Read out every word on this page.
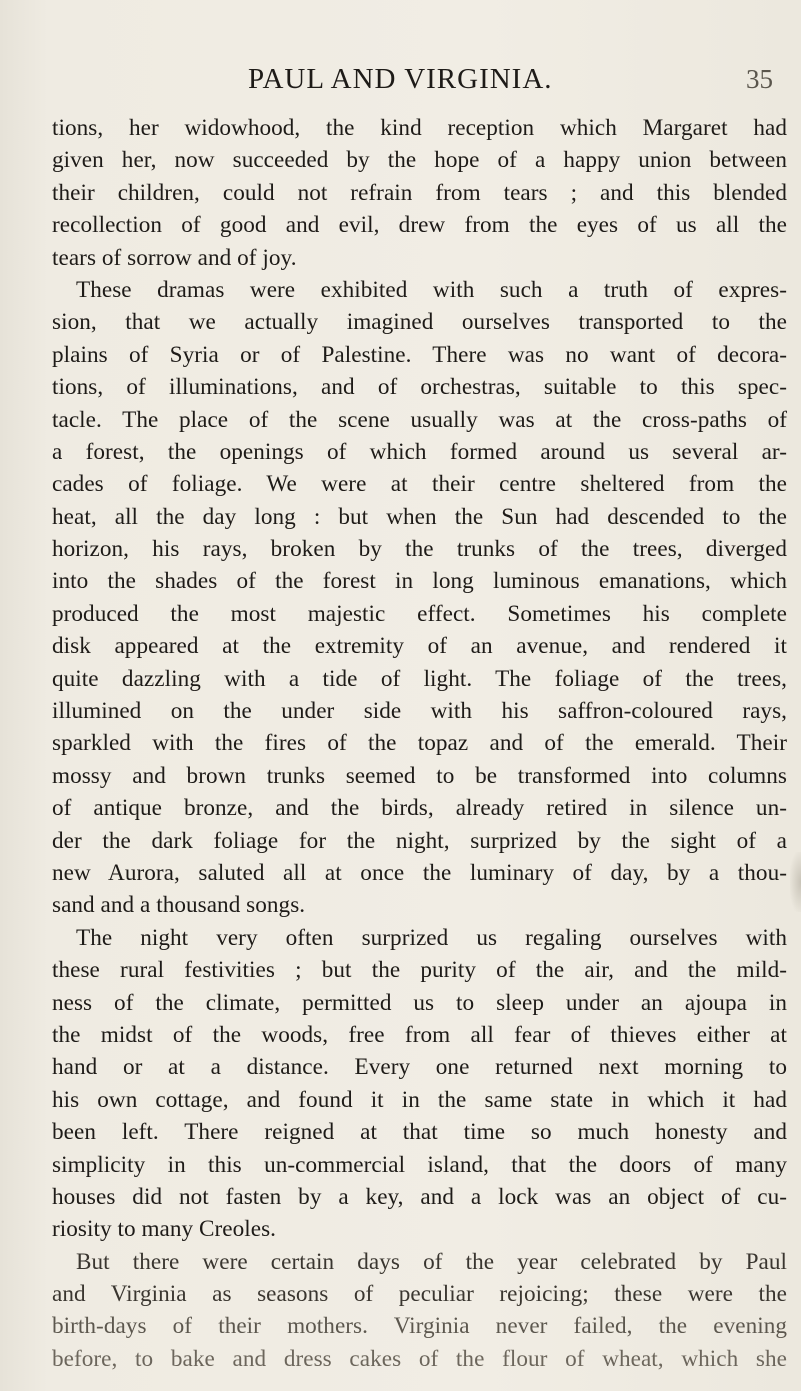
PAUL AND VIRGINIA.	35
tions, her widowhood, the kind reception which Margaret had
given her, now succeeded by the hope of a happy union between
their children, could not refrain from tears ; and this blended
recollection of good and evil, drew from the eyes of us all the
tears of sorrow and of joy.
These dramas were exhibited with such a truth of expres-
sion, that we actually imagined ourselves transported to the
plains of Syria or of Palestine. There was no want of decora-
tions, of illuminations, and of orchestras, suitable to this spec-
tacle. The place of the scene usually was at the cross-paths of
a forest, the openings of which formed around us several ar-
cades of foliage. We were at their centre sheltered from the
heat, all the day long : but when the Sun had descended to the
horizon, his rays, broken by the trunks of the trees, diverged
into the shades of the forest in long luminous emanations, which
produced the most majestic effect. Sometimes his complete
disk appeared at the extremity of an avenue, and rendered it
quite dazzling with a tide of light. The foliage of the trees,
illumined on the under side with his saffron-coloured rays,
sparkled with the fires of the topaz and of the emerald. Their
mossy and brown trunks seemed to be transformed into columns
of antique bronze, and the birds, already retired in silence un-
der the dark foliage for the night, surprized by the sight of a
new Aurora, saluted all at once the luminary of day, by a thou-
sand and a thousand songs.
The night very often surprized us regaling ourselves with
these rural festivities ; but the purity of the air, and the mild-
ness of the climate, permitted us to sleep under an ajoupa in
the midst of the woods, free from all fear of thieves either at
hand or at a distance. Every one returned next morning to
his own cottage, and found it in the same state in which it had
been left. There reigned at that time so much honesty and
simplicity in this un-commercial island, that the doors of many
houses did not fasten by a key, and a lock was an object of cu-
riosity to many Creoles.
But there were certain days of the year celebrated by Paul
and Virginia as seasons of peculiar rejoicing; these were the
birth-days of their mothers. Virginia never failed, the evening
before, to bake and dress cakes of the flour of wheat, which she
